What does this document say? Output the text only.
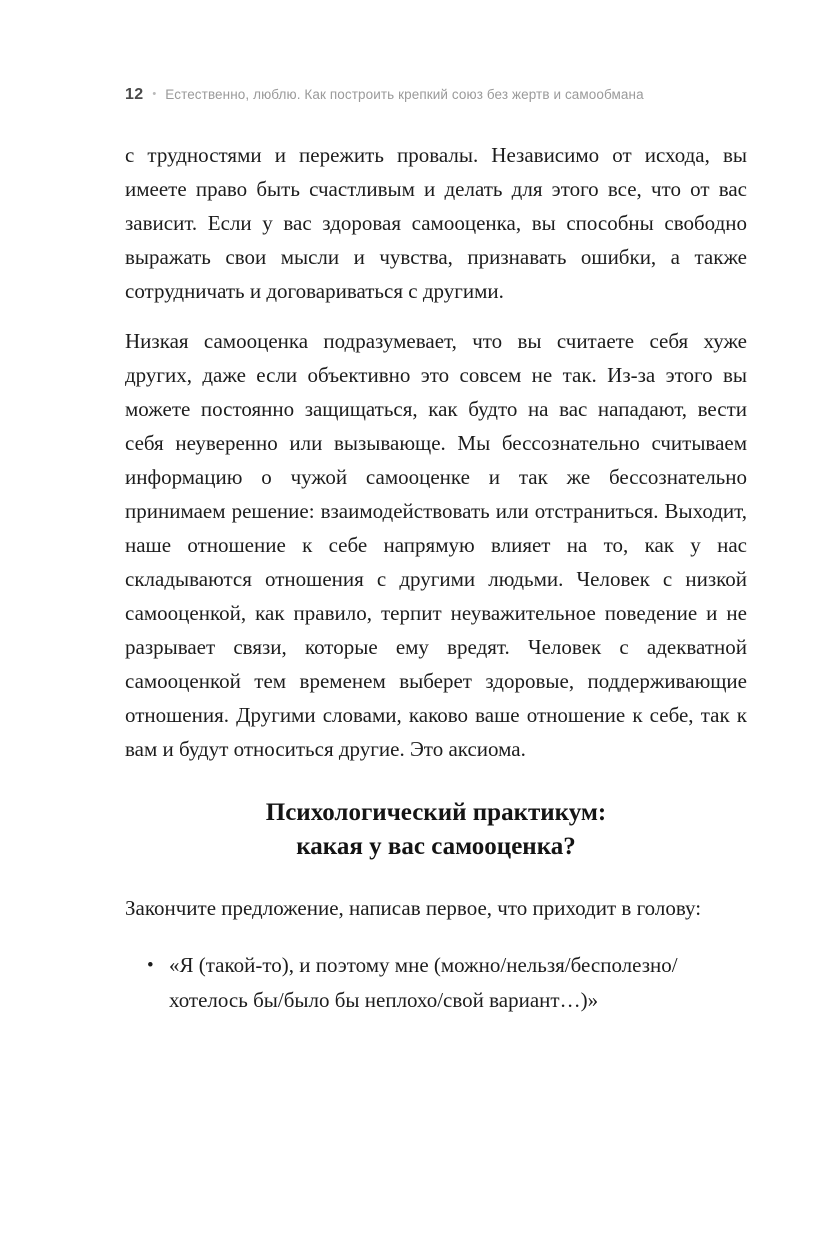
12 • Естественно, люблю. Как построить крепкий союз без жертв и самообмана

с трудностями и пережить провалы. Независимо от исхода, вы имеете право быть счастливым и делать для этого все, что от вас зависит. Если у вас здоровая самооценка, вы способны свободно выражать свои мысли и чувства, признавать ошибки, а также сотрудничать и договариваться с другими.

Низкая самооценка подразумевает, что вы считаете себя хуже других, даже если объективно это совсем не так. Из-за этого вы можете постоянно защищаться, как будто на вас нападают, вести себя неуверенно или вызывающе. Мы бессознательно считываем информацию о чужой самооценке и так же бессознательно принимаем решение: взаимодействовать или отстраниться. Выходит, наше отношение к себе напрямую влияет на то, как у нас складываются отношения с другими людьми. Человек с низкой самооценкой, как правило, терпит неуважительное поведение и не разрывает связи, которые ему вредят. Человек с адекватной самооценкой тем временем выберет здоровые, поддерживающие отношения. Другими словами, каково ваше отношение к себе, так к вам и будут относиться другие. Это аксиома.

Психологический практикум:
какая у вас самооценка?

Закончите предложение, написав первое, что приходит в голову:

• «Я (такой-то), и поэтому мне (можно/нельзя/бесполезно/хотелось бы/было бы неплохо/свой вариант…)»
